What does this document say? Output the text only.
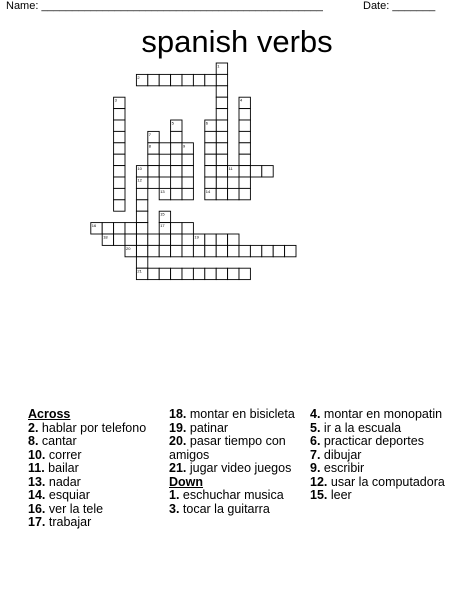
Name: ______________________________________________	Date: _______
spanish verbs
1
2
3	4
5	6
14
7
8	9
10	11
12
21
13
15
17
16
18	19
20
Across
2. hablar por telefono
8. cantar
10. correr
11. bailar
13. nadar
14. esquiar
16. ver la tele
17. trabajar
18. montar en bisicleta
19. patinar
20. pasar tiempo con amigos
21. jugar video juegos
Down
1. eschuchar musica
3. tocar la guitarra
4. montar en monopatin
5. ir a la escuala
6. practicar deportes
7. dibujar
9. escribir
12. usar la computadora
15. leer
